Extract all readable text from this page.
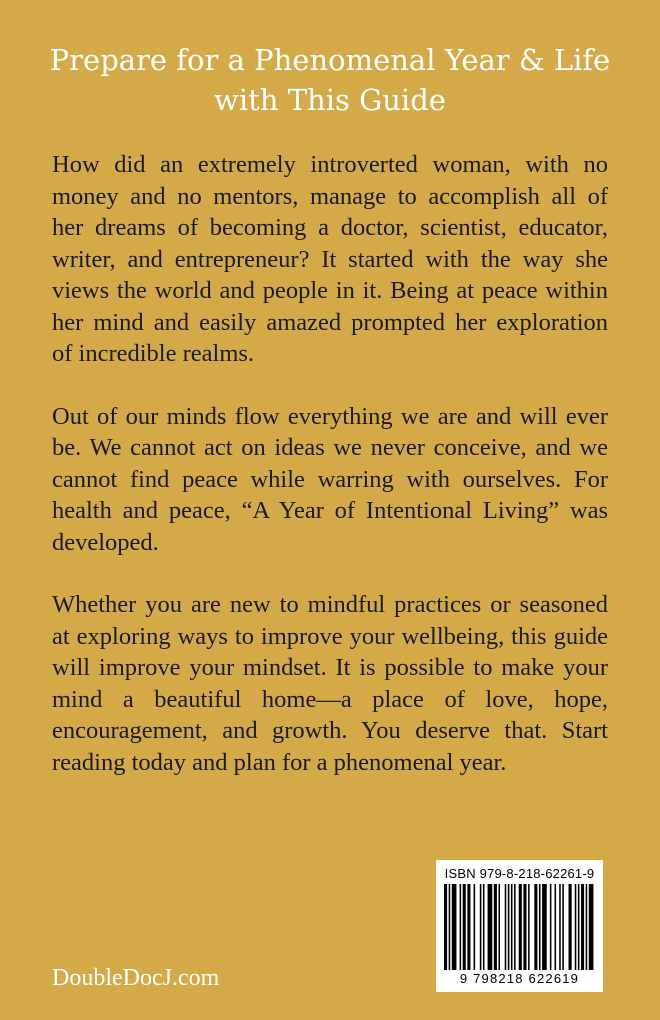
Prepare for a Phenomenal Year & Life
with This Guide

How did an extremely introverted woman, with no
money and no mentors, manage to accomplish all of
her dreams of becoming a doctor, scientist, educator,
writer, and entrepreneur? It started with the way she
views the world and people in it. Being at peace within
her mind and easily amazed prompted her exploration
of incredible realms.

Out of our minds flow everything we are and will ever
be. We cannot act on ideas we never conceive, and we
cannot find peace while warring with ourselves. For
health and peace, “A Year of Intentional Living” was
developed.

Whether you are new to mindful practices or seasoned
at exploring ways to improve your wellbeing, this guide
will improve your mindset. It is possible to make your
mind a beautiful home—a place of love, hope,
encouragement, and growth. You deserve that. Start
reading today and plan for a phenomenal year.

DoubleDocJ.com
ISBN 979-8-218-62261-9
9 798218 622619
